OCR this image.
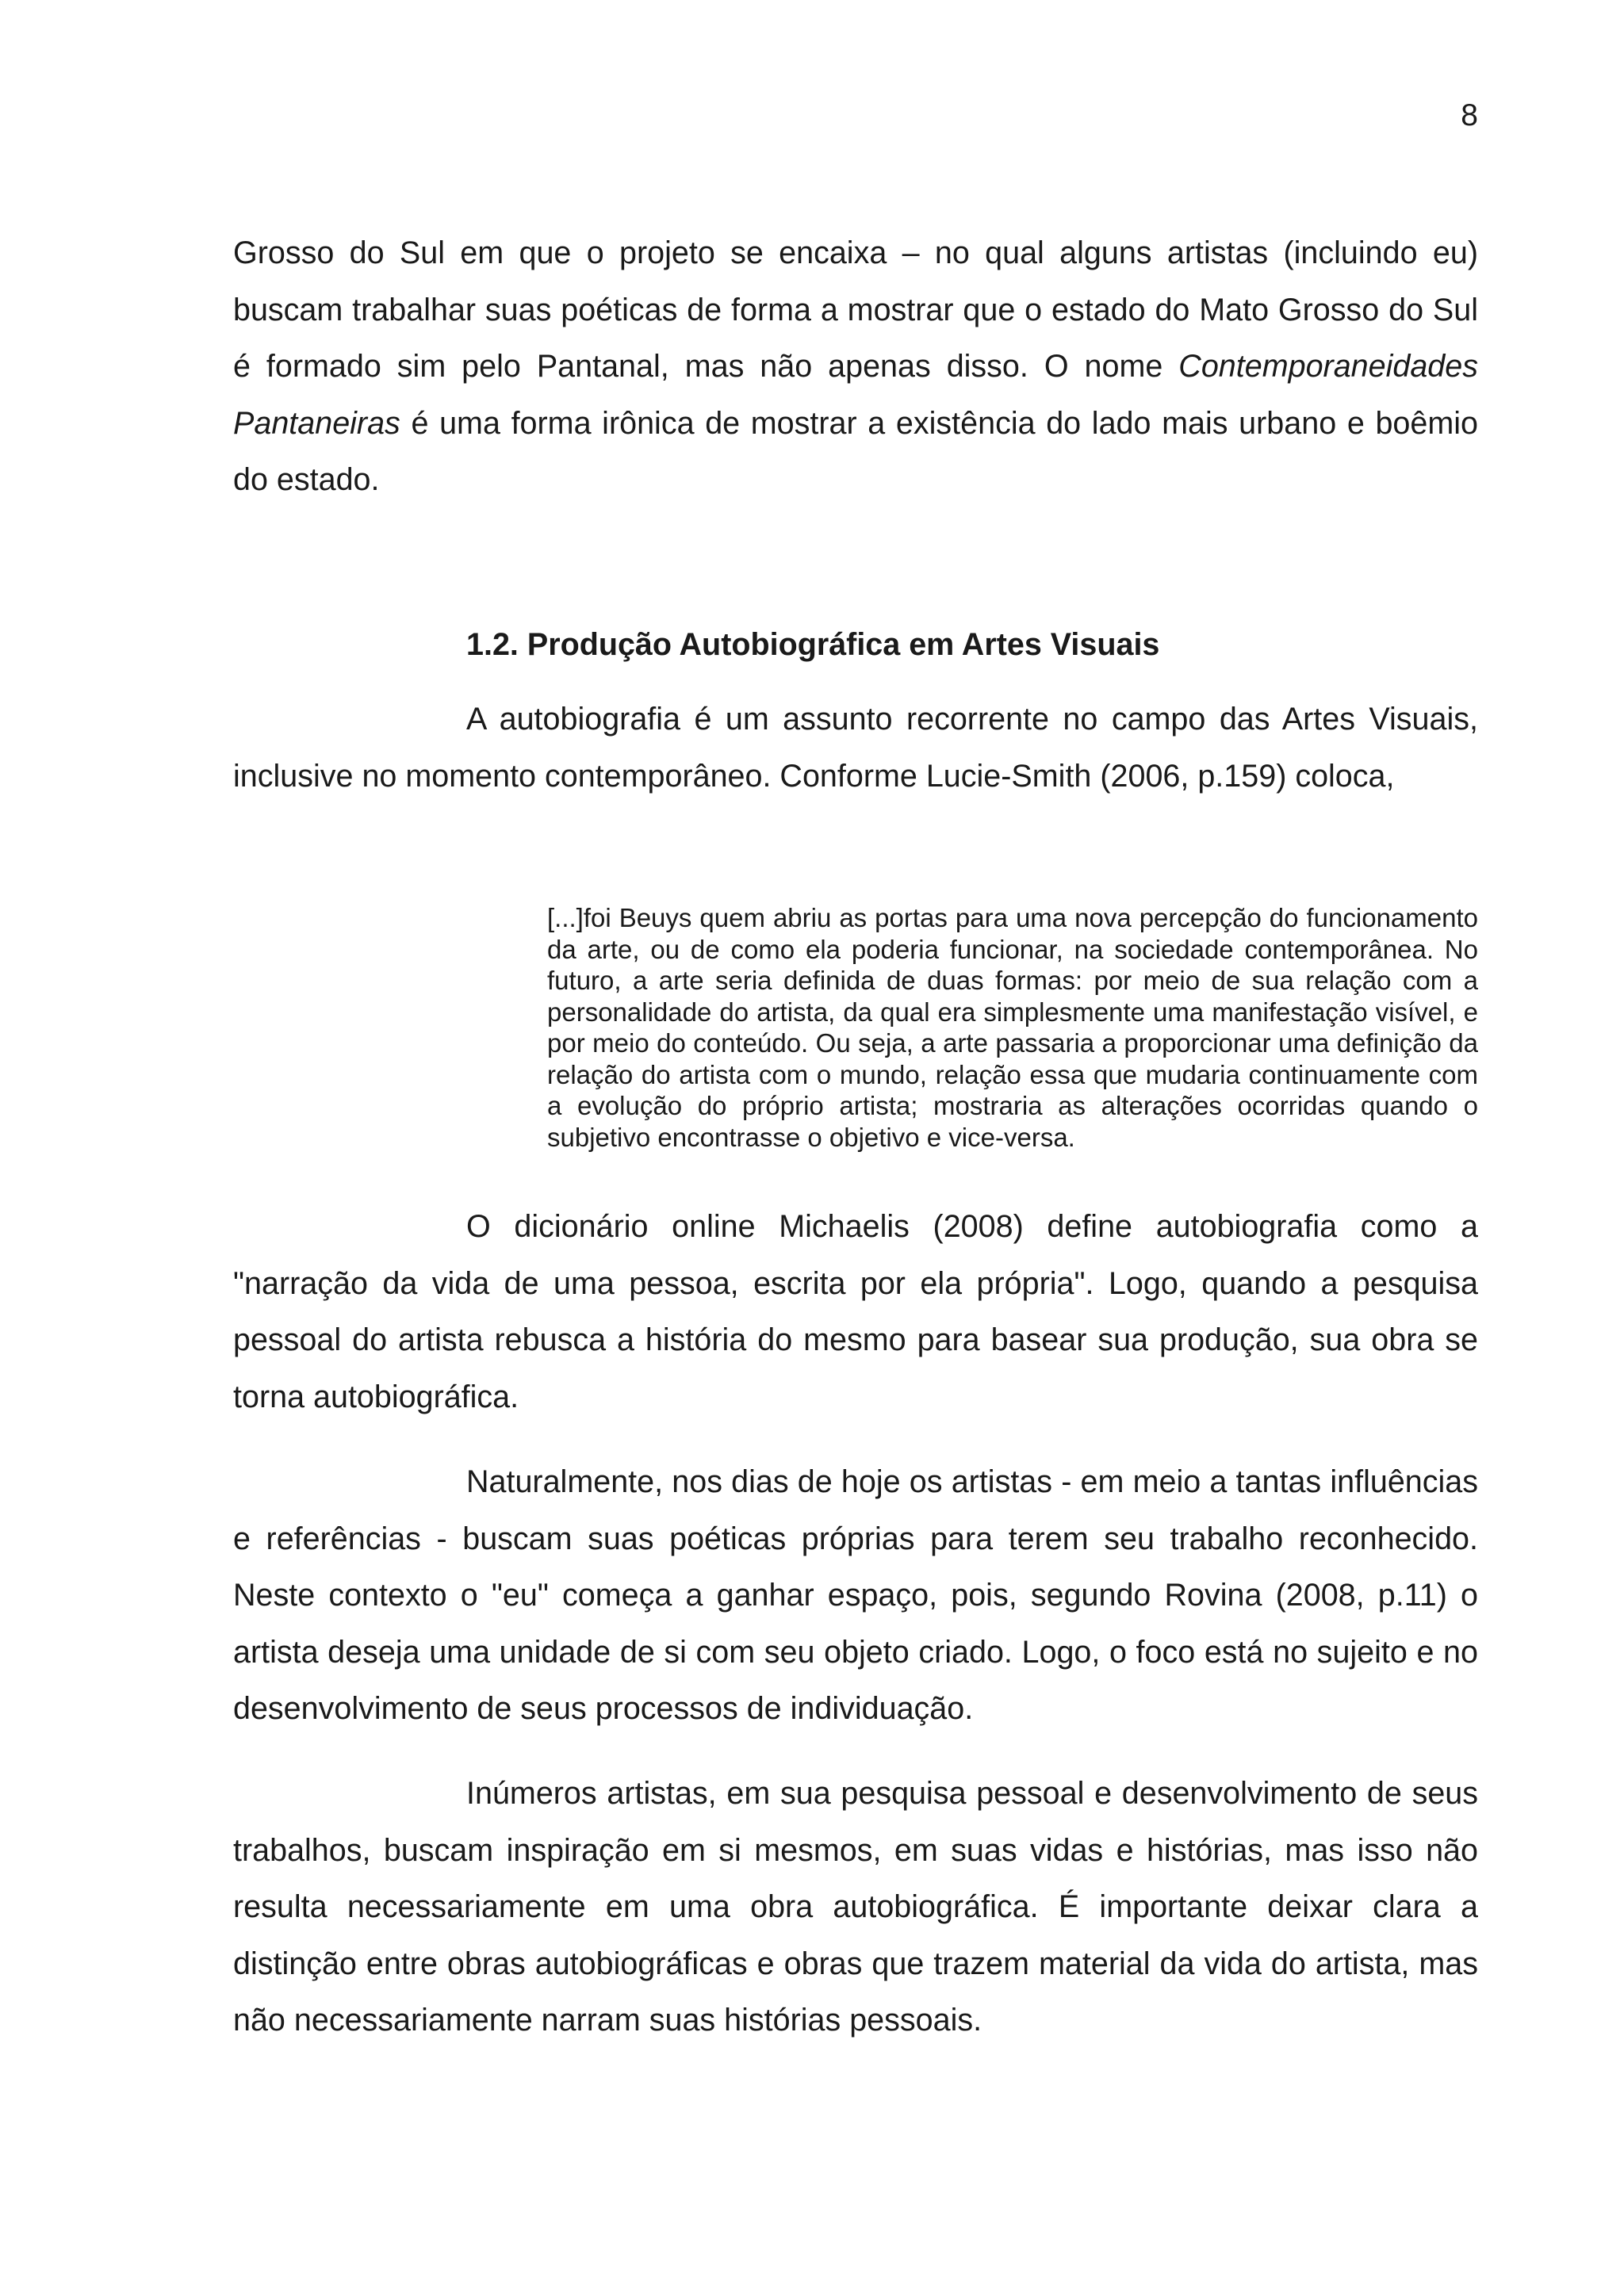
8

Grosso do Sul em que o projeto se encaixa – no qual alguns artistas (incluindo eu) buscam trabalhar suas poéticas de forma a mostrar que o estado do Mato Grosso do Sul é formado sim pelo Pantanal, mas não apenas disso. O nome Contemporaneidades Pantaneiras é uma forma irônica de mostrar a existência do lado mais urbano e boêmio do estado.

1.2. Produção Autobiográfica em Artes Visuais

A autobiografia é um assunto recorrente no campo das Artes Visuais, inclusive no momento contemporâneo. Conforme Lucie-Smith (2006, p.159) coloca,

[...]foi Beuys quem abriu as portas para uma nova percepção do funcionamento da arte, ou de como ela poderia funcionar, na sociedade contemporânea. No futuro, a arte seria definida de duas formas: por meio de sua relação com a personalidade do artista, da qual era simplesmente uma manifestação visível, e por meio do conteúdo. Ou seja, a arte passaria a proporcionar uma definição da relação do artista com o mundo, relação essa que mudaria continuamente com a evolução do próprio artista; mostraria as alterações ocorridas quando o subjetivo encontrasse o objetivo e vice-versa.

O dicionário online Michaelis (2008) define autobiografia como a "narração da vida de uma pessoa, escrita por ela própria". Logo, quando a pesquisa pessoal do artista rebusca a história do mesmo para basear sua produção, sua obra se torna autobiográfica.

Naturalmente, nos dias de hoje os artistas - em meio a tantas influências e referências - buscam suas poéticas próprias para terem seu trabalho reconhecido. Neste contexto o "eu" começa a ganhar espaço, pois, segundo Rovina (2008, p.11) o artista deseja uma unidade de si com seu objeto criado. Logo, o foco está no sujeito e no desenvolvimento de seus processos de individuação.

Inúmeros artistas, em sua pesquisa pessoal e desenvolvimento de seus trabalhos, buscam inspiração em si mesmos, em suas vidas e histórias, mas isso não resulta necessariamente em uma obra autobiográfica. É importante deixar clara a distinção entre obras autobiográficas e obras que trazem material da vida do artista, mas não necessariamente narram suas histórias pessoais.
